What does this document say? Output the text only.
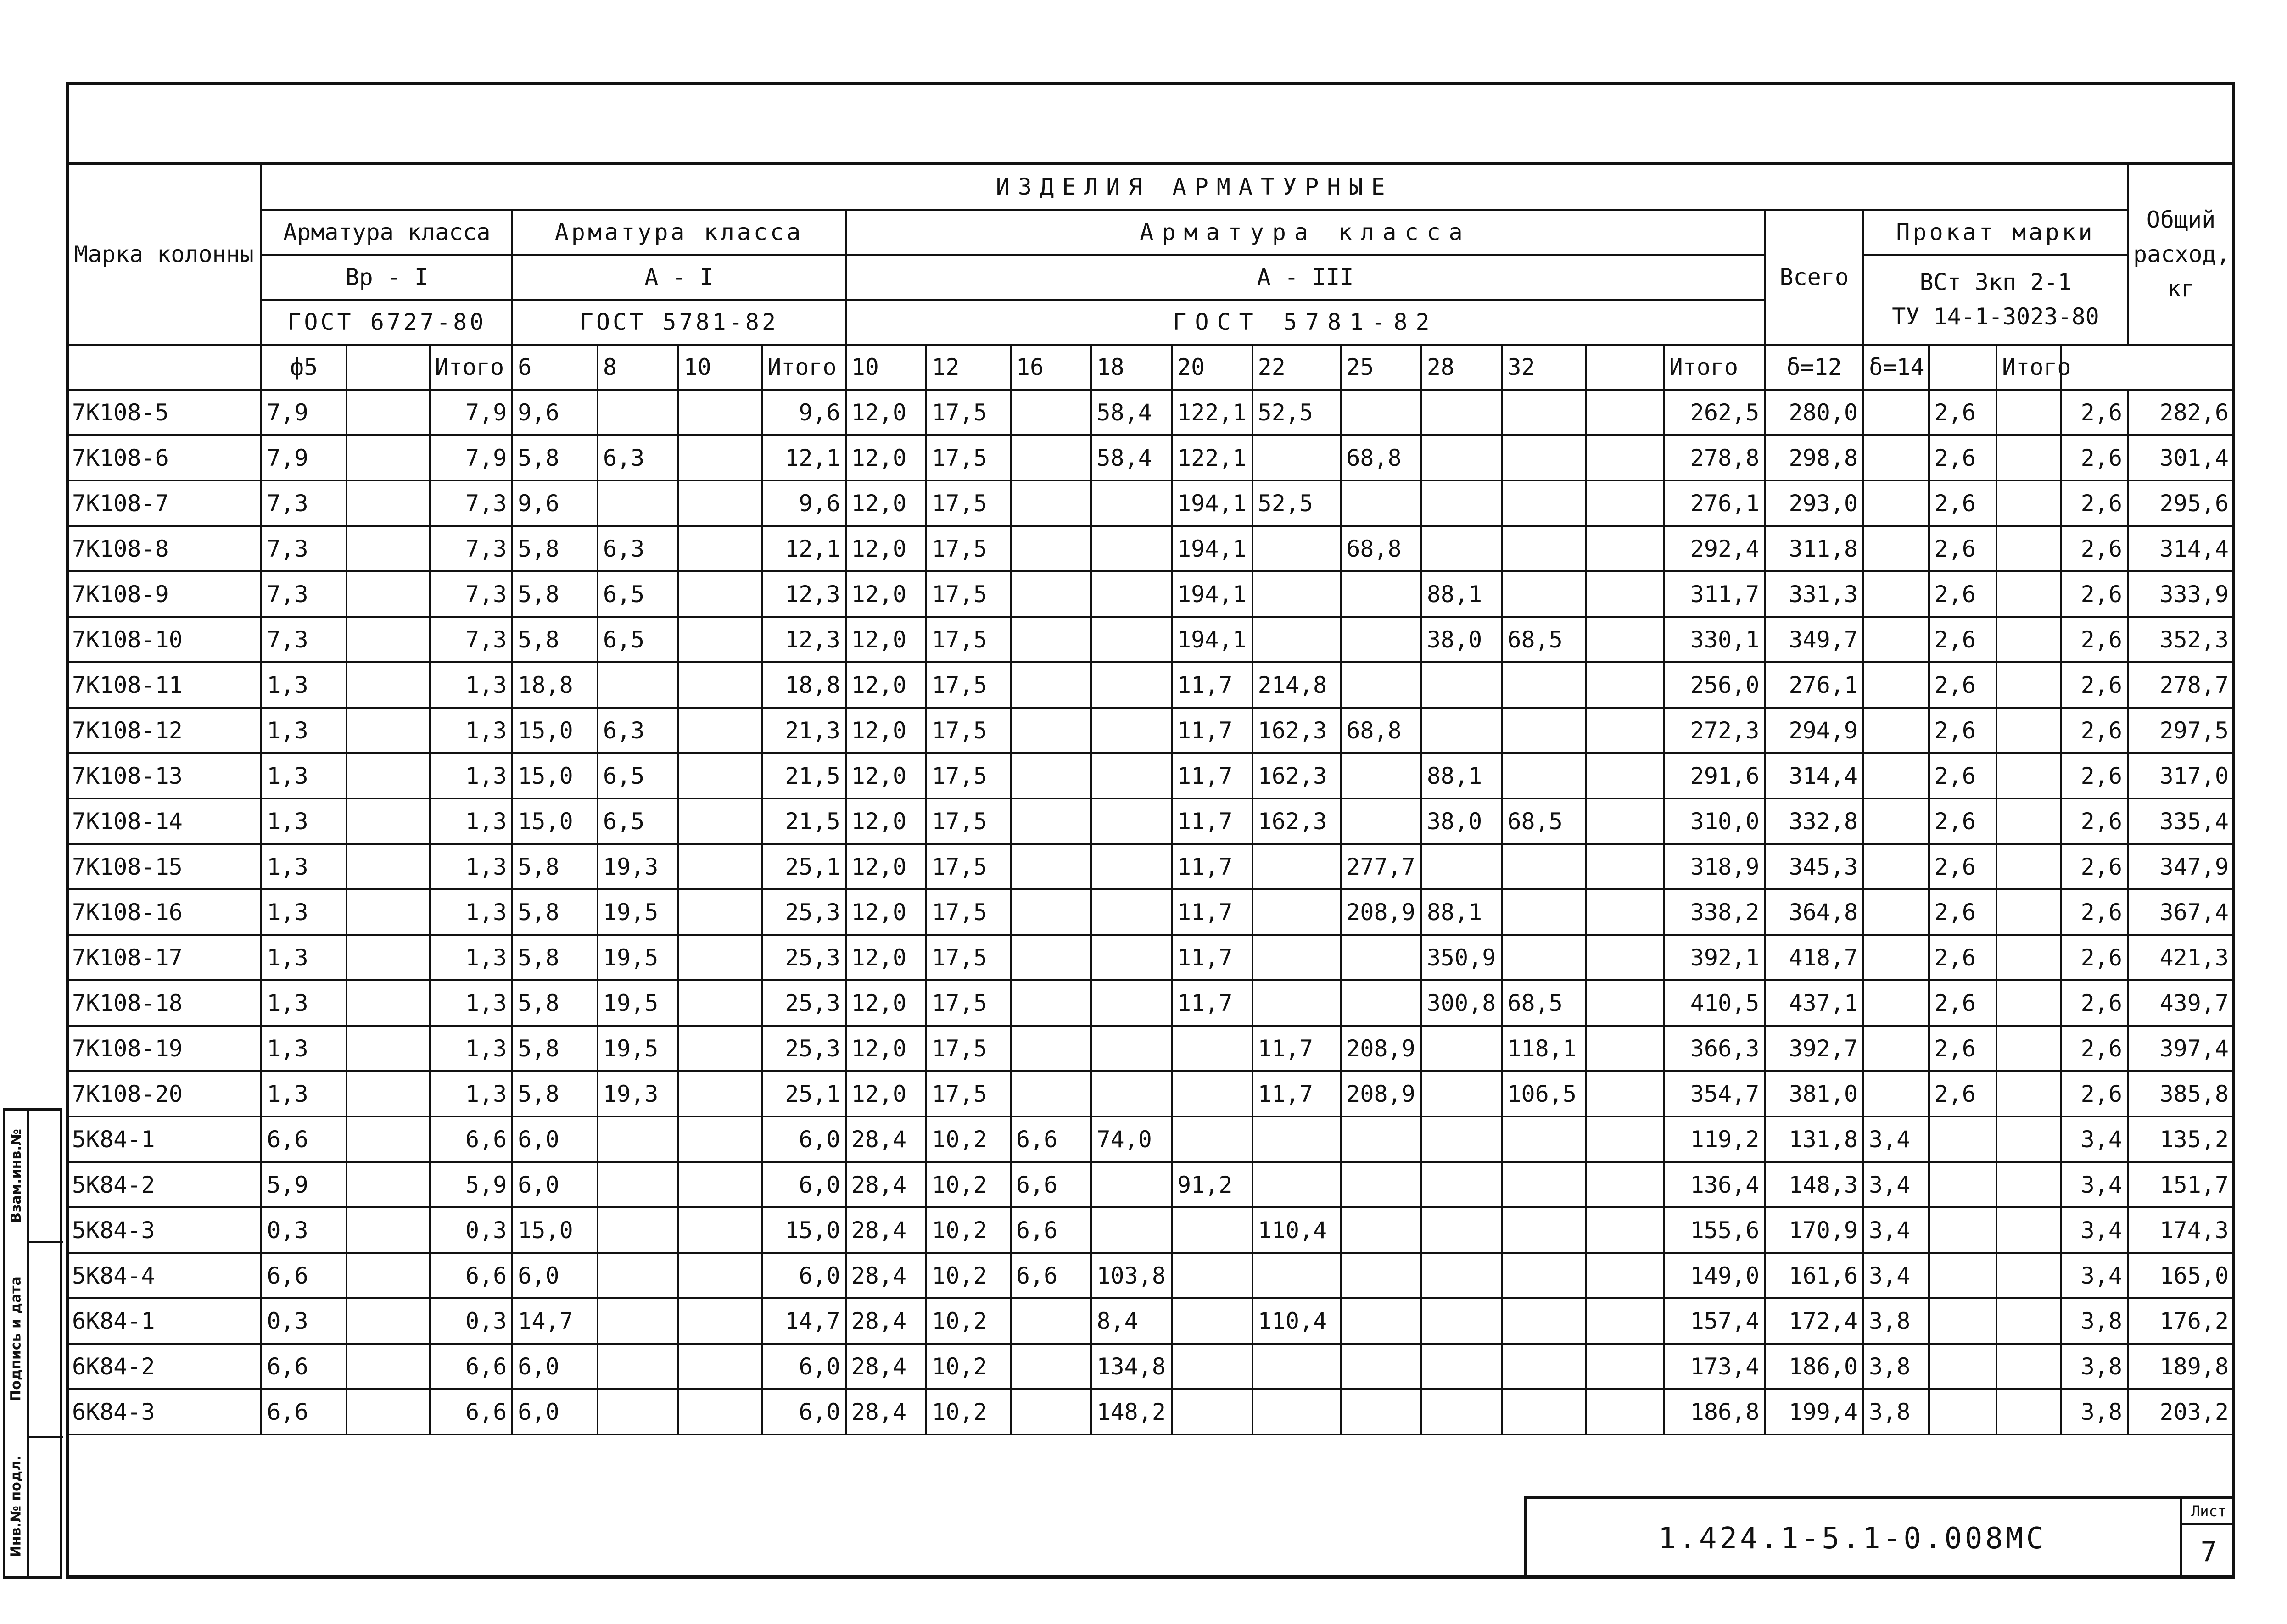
Марка колонны	ИЗДЕЛИЯ АРМАТУРНЫЕ																							Общий расход, кг
	Арматура класса			Арматура класса				Арматура класса											Всего	Прокат марки				
	Вр - I			А - I				А - III												ВСт 3кп 2-1
ТУ 14-1-3023-80				

	ГОСТ 6727-80			ГОСТ 5781-82				ГОСТ 5781-82																
	ф5		Итого	6	8	10	Итого	10	12	16	18	20	22	25	28	32		Итого	δ=12	δ=14		Итого		
7К108-5	7,9		7,9	9,6			9,6	12,0	17,5		58,4	122,1	52,5					262,5	280,0		2,6		2,6	282,6
7К108-6	7,9		7,9	5,8	6,3		12,1	12,0	17,5		58,4	122,1		68,8				278,8	298,8		2,6		2,6	301,4
7К108-7	7,3		7,3	9,6			9,6	12,0	17,5			194,1	52,5					276,1	293,0		2,6		2,6	295,6
7К108-8	7,3		7,3	5,8	6,3		12,1	12,0	17,5			194,1		68,8				292,4	311,8		2,6		2,6	314,4
7К108-9	7,3		7,3	5,8	6,5		12,3	12,0	17,5			194,1			88,1			311,7	331,3		2,6		2,6	333,9
7К108-10	7,3		7,3	5,8	6,5		12,3	12,0	17,5			194,1			38,0	68,5		330,1	349,7		2,6		2,6	352,3
7К108-11	1,3		1,3	18,8			18,8	12,0	17,5			11,7	214,8					256,0	276,1		2,6		2,6	278,7
7К108-12	1,3		1,3	15,0	6,3		21,3	12,0	17,5			11,7	162,3	68,8				272,3	294,9		2,6		2,6	297,5
7К108-13	1,3		1,3	15,0	6,5		21,5	12,0	17,5			11,7	162,3		88,1			291,6	314,4		2,6		2,6	317,0
7К108-14	1,3		1,3	15,0	6,5		21,5	12,0	17,5			11,7	162,3		38,0	68,5		310,0	332,8		2,6		2,6	335,4
7К108-15	1,3		1,3	5,8	19,3		25,1	12,0	17,5			11,7		277,7				318,9	345,3		2,6		2,6	347,9
7К108-16	1,3		1,3	5,8	19,5		25,3	12,0	17,5			11,7		208,9	88,1			338,2	364,8		2,6		2,6	367,4
7К108-17	1,3		1,3	5,8	19,5		25,3	12,0	17,5			11,7			350,9			392,1	418,7		2,6		2,6	421,3
7К108-18	1,3		1,3	5,8	19,5		25,3	12,0	17,5			11,7			300,8	68,5		410,5	437,1		2,6		2,6	439,7
7К108-19	1,3		1,3	5,8	19,5		25,3	12,0	17,5				11,7	208,9		118,1		366,3	392,7		2,6		2,6	397,4
7К108-20	1,3		1,3	5,8	19,3		25,1	12,0	17,5				11,7	208,9		106,5		354,7	381,0		2,6		2,6	385,8
5К84-1	6,6		6,6	6,0			6,0	28,4	10,2	6,6	74,0							119,2	131,8	3,4			3,4	135,2
5К84-2	5,9		5,9	6,0			6,0	28,4	10,2	6,6		91,2						136,4	148,3	3,4			3,4	151,7
5К84-3	0,3		0,3	15,0			15,0	28,4	10,2	6,6			110,4					155,6	170,9	3,4			3,4	174,3
5К84-4	6,6		6,6	6,0			6,0	28,4	10,2	6,6	103,8							149,0	161,6	3,4			3,4	165,0
6К84-1	0,3		0,3	14,7			14,7	28,4	10,2		8,4		110,4					157,4	172,4	3,8			3,8	176,2
6К84-2	6,6		6,6	6,0			6,0	28,4	10,2		134,8							173,4	186,0	3,8			3,8	189,8
6К84-3	6,6		6,6	6,0			6,0	28,4	10,2		148,2							186,8	199,4	3,8			3,8	203,2
1.424.1-5.1-0.008МС
Лист
7
Взам.инв.№
Подпись и дата
Инв.№ подл.
